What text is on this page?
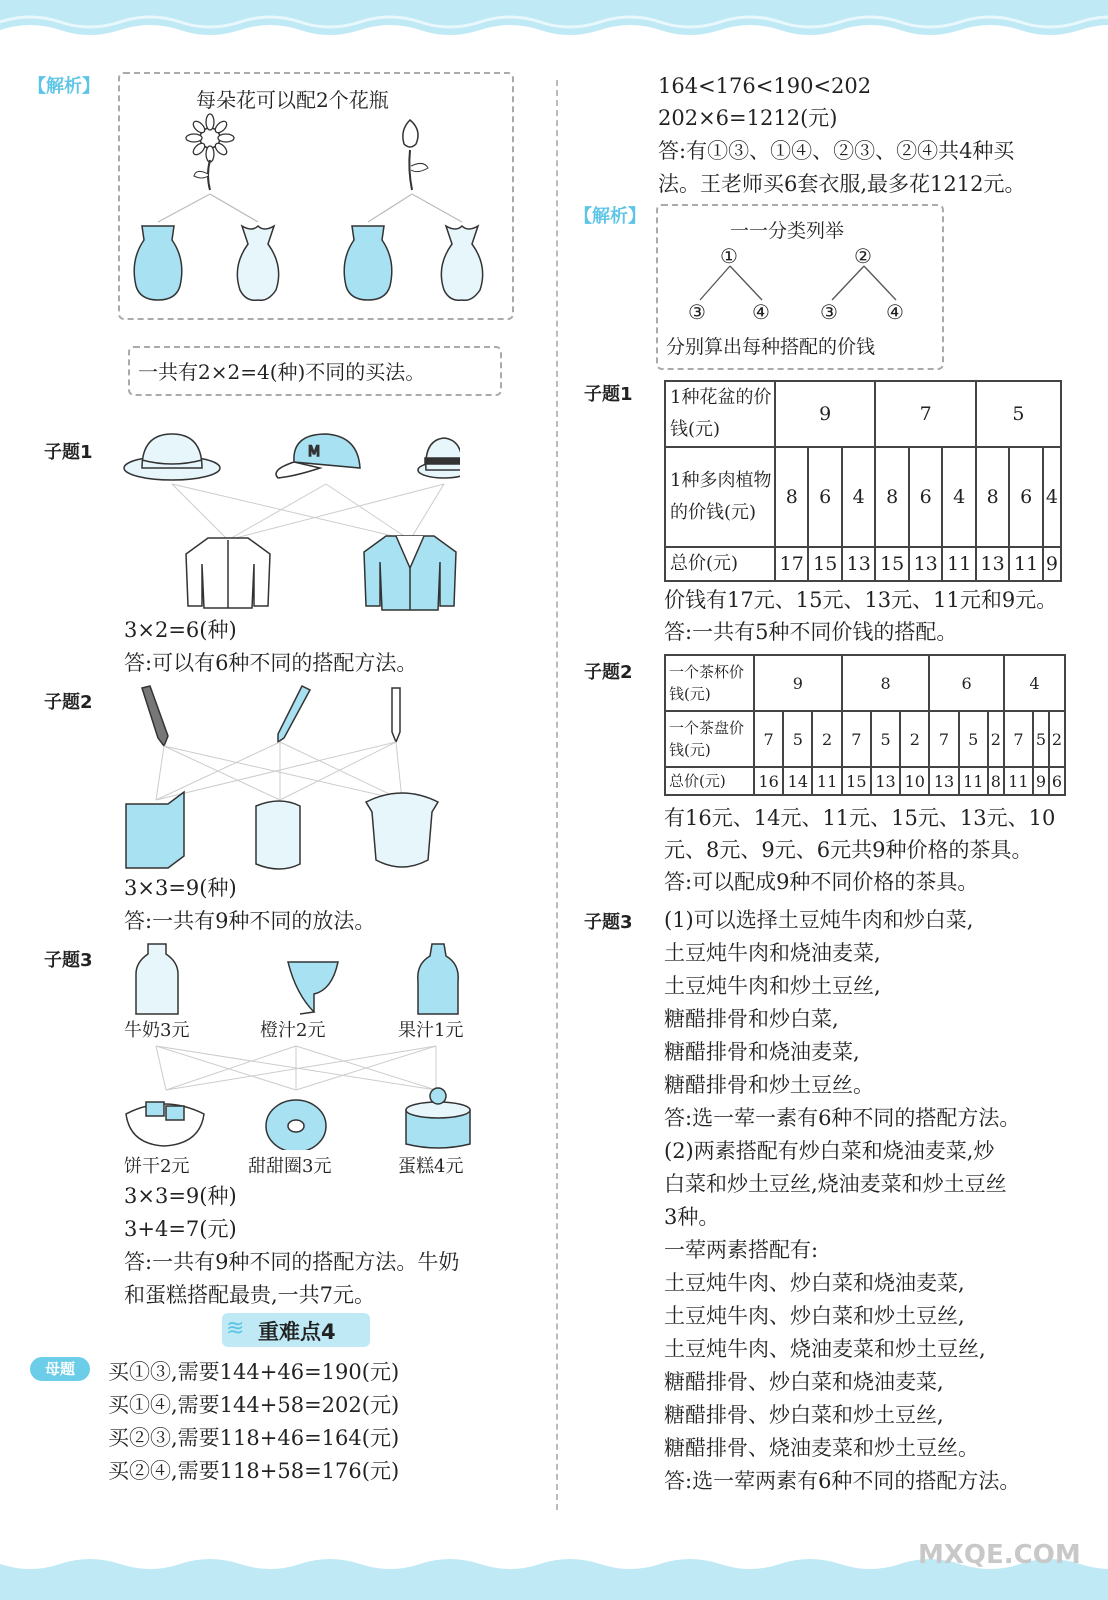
【解析】
每朵花可以配2个花瓶
一共有2×2=4(种)不同的买法。
子题1	M
3×2=6(种)
答:可以有6种不同的搭配方法。
子题2
3×3=9(种)
答:一共有9种不同的放法。
子题3
牛奶3元	橙汁2元	果汁1元
饼干2元	甜甜圈3元	蛋糕4元
3×3=9(种)
3+4=7(元)
答:一共有9种不同的搭配方法。牛奶
和蛋糕搭配最贵,一共7元。
≋ 重难点4
母题	买①③,需要144+46=190(元)
买①④,需要144+58=202(元)
买②③,需要118+46=164(元)
买②④,需要118+58=176(元)
164<176<190<202
202×6=1212(元)
答:有①③、①④、②③、②④共4种买
法。王老师买6套衣服,最多花1212元。
【解析】
一一分类列举
①	②
③ ④	③ ④
分别算出每种搭配的价钱
子题1 1种花盆的价钱(元)	9			7			5		
1种多肉植物的价钱(元)	8	6	4	8	6	4	8	6	4
总价(元)	17	15	13	15	13	11	13	11	9
价钱有17元、15元、13元、11元和9元。
答:一共有5种不同价钱的搭配。
子题2 一个茶杯价钱(元)	9			8			6			4		
一个茶盘价钱(元)	7	5	2	7	5	2	7	5	2	7	5	2
总价(元)	16	14	11	15	13	10	13	11	8	11	9	6
有16元、14元、11元、15元、13元、10
元、8元、9元、6元共9种价格的茶具。
答:可以配成9种不同价格的茶具。
子题3 (1)可以选择土豆炖牛肉和炒白菜,
土豆炖牛肉和烧油麦菜,
土豆炖牛肉和炒土豆丝,
糖醋排骨和炒白菜,
糖醋排骨和烧油麦菜,
糖醋排骨和炒土豆丝。
答:选一荤一素有6种不同的搭配方法。
(2)两素搭配有炒白菜和烧油麦菜,炒
白菜和炒土豆丝,烧油麦菜和炒土豆丝
3种。
一荤两素搭配有:
土豆炖牛肉、炒白菜和烧油麦菜,
土豆炖牛肉、炒白菜和炒土豆丝,
土豆炖牛肉、烧油麦菜和炒土豆丝,
糖醋排骨、炒白菜和烧油麦菜,
糖醋排骨、炒白菜和炒土豆丝,
糖醋排骨、烧油麦菜和炒土豆丝。
答:选一荤两素有6种不同的搭配方法。
MXQE.COM
